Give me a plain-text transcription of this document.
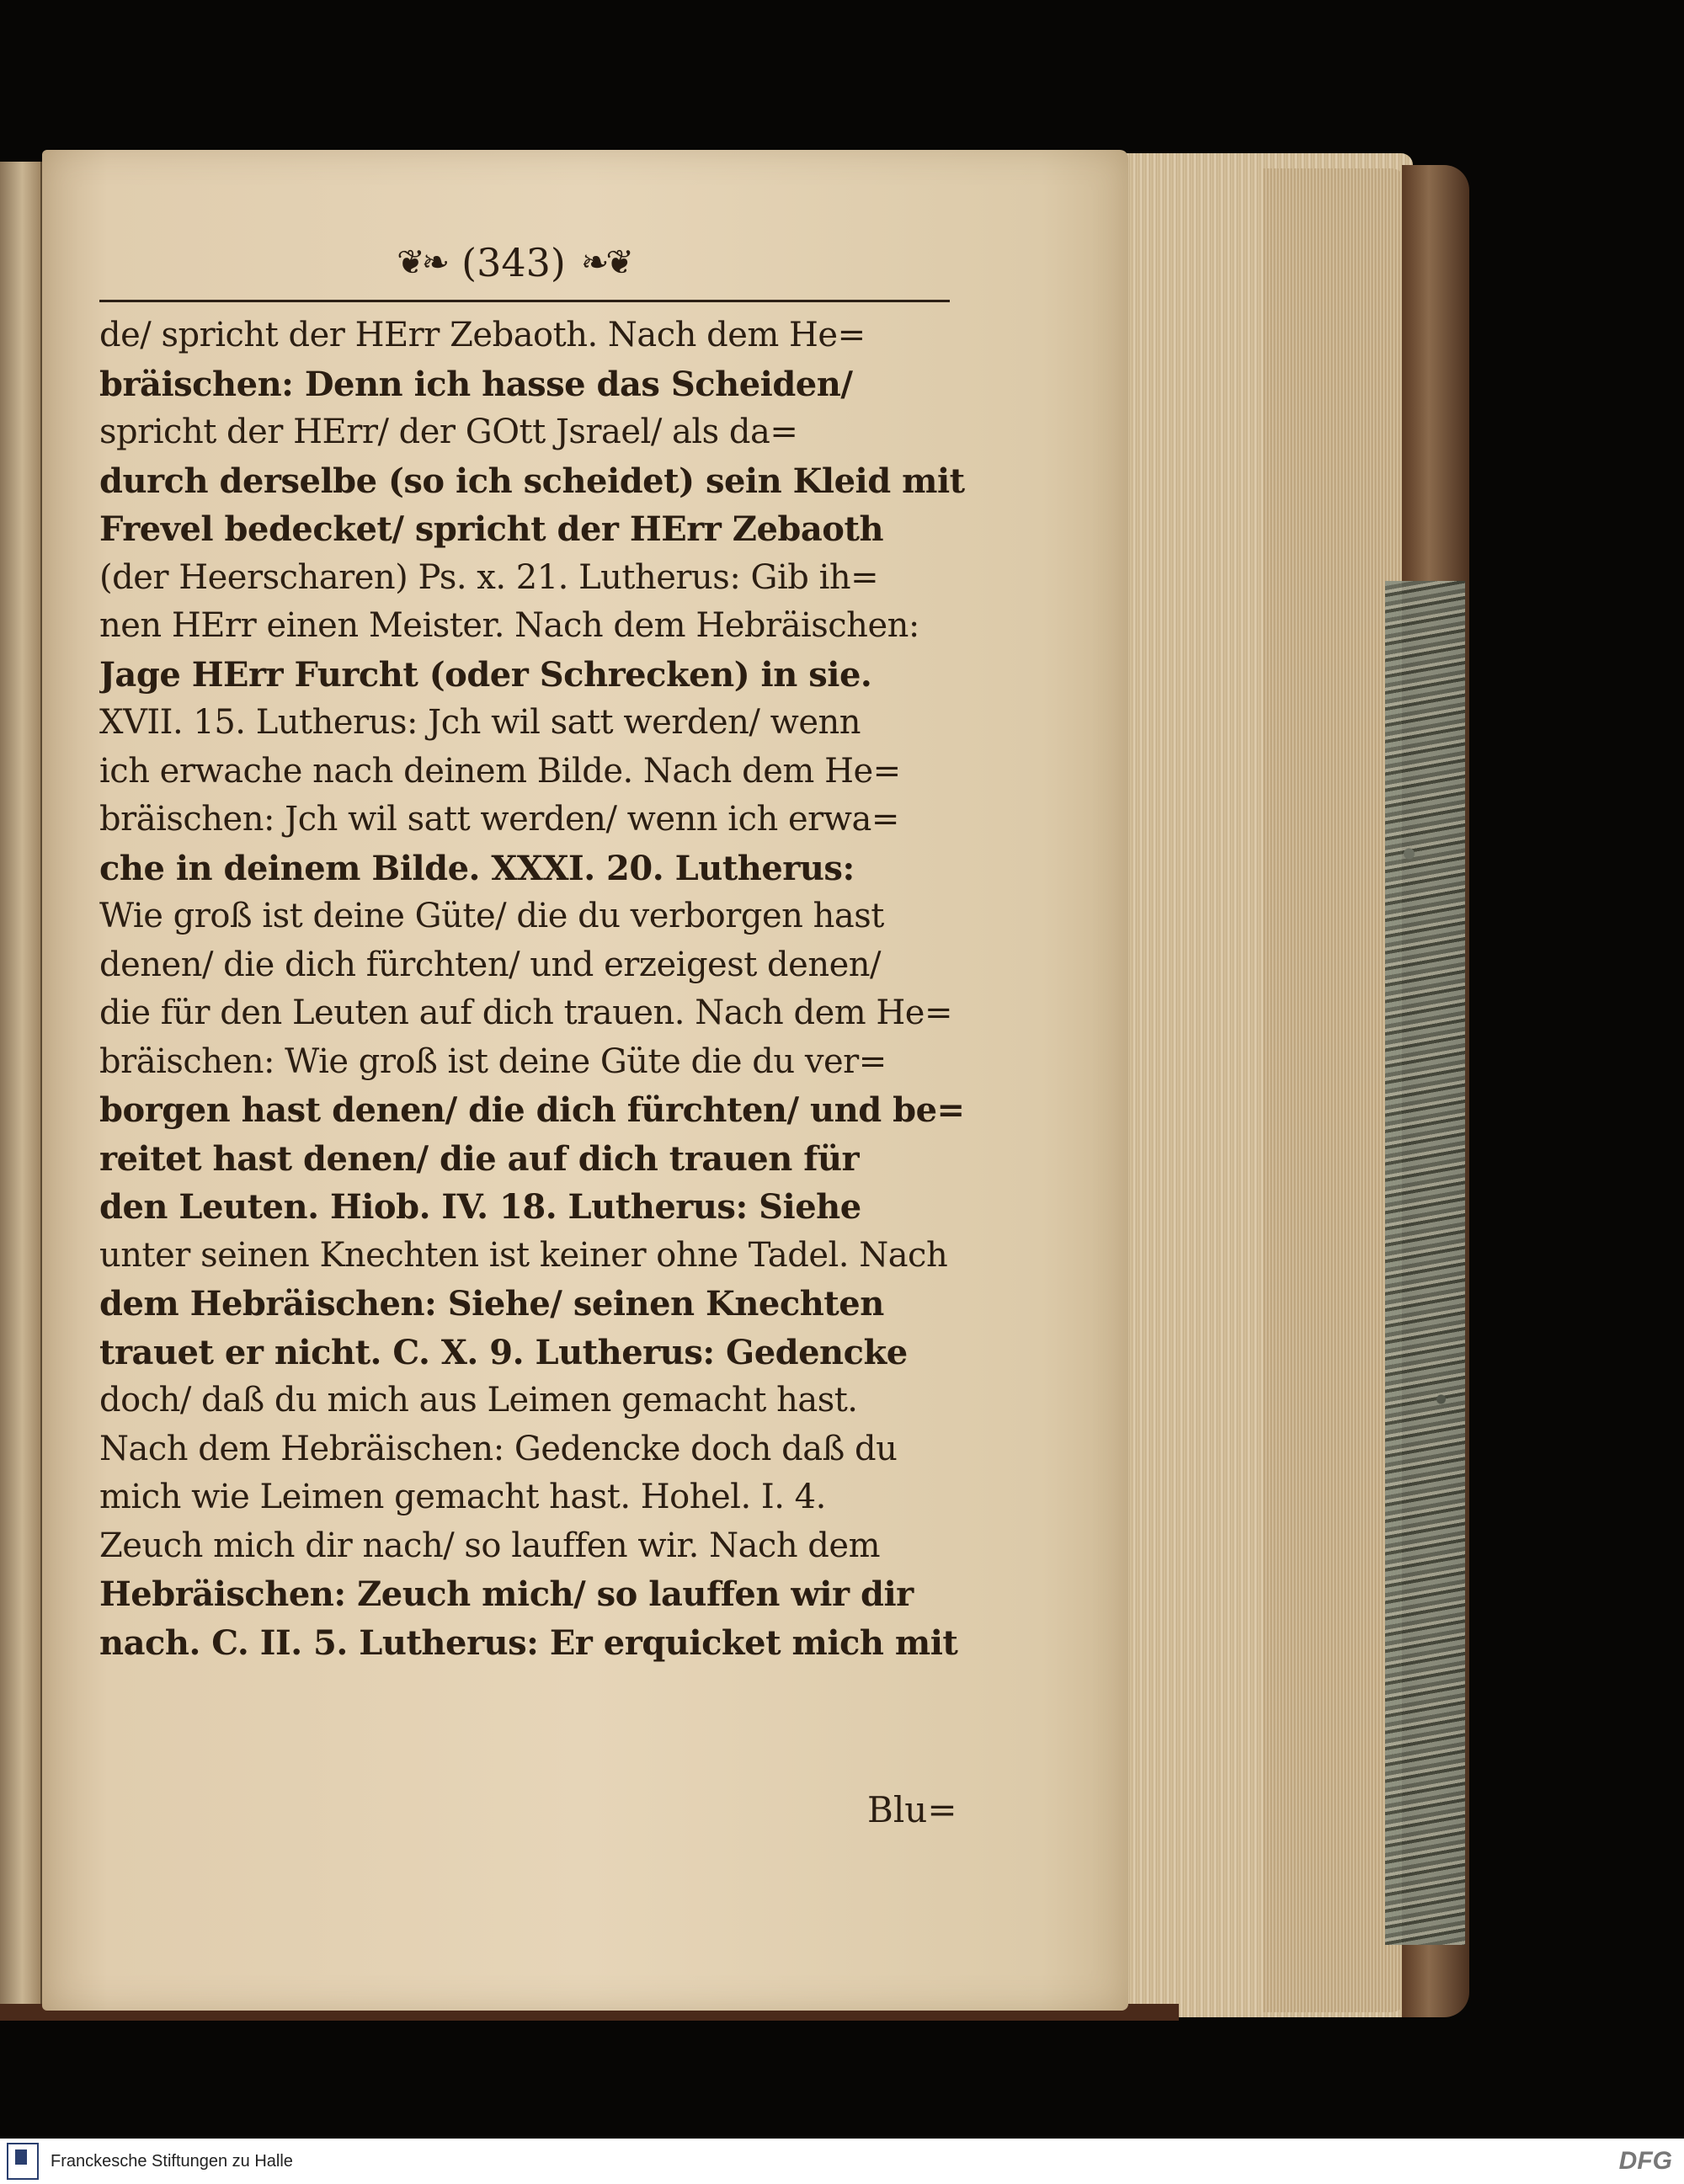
❦❧ (343) ❧❦
de/ spricht der HErr Zebaoth. Nach dem He=
bräischen: Denn ich hasse das Scheiden/
spricht der HErr/ der GOtt Jsrael/ als da=
durch derselbe (so ich scheidet) sein Kleid mit
Frevel bedecket/ spricht der HErr Zebaoth
(der Heerscharen) Ps. x. 21. Lutherus: Gib ih=
nen HErr einen Meister. Nach dem Hebräischen:
Jage HErr Furcht (oder Schrecken) in sie.
XVII. 15. Lutherus: Jch wil satt werden/ wenn
ich erwache nach deinem Bilde. Nach dem He=
bräischen: Jch wil satt werden/ wenn ich erwa=
che in deinem Bilde. XXXI. 20. Lutherus:
Wie groß ist deine Güte/ die du verborgen hast
denen/ die dich fürchten/ und erzeigest denen/
die für den Leuten auf dich trauen. Nach dem He=
bräischen: Wie groß ist deine Güte die du ver=
borgen hast denen/ die dich fürchten/ und be=
reitet hast denen/ die auf dich trauen für
den Leuten. Hiob. IV. 18. Lutherus: Siehe
unter seinen Knechten ist keiner ohne Tadel. Nach
dem Hebräischen: Siehe/ seinen Knechten
trauet er nicht. C. X. 9. Lutherus: Gedencke
doch/ daß du mich aus Leimen gemacht hast.
Nach dem Hebräischen: Gedencke doch daß du
mich wie Leimen gemacht hast. Hohel. I. 4.
Zeuch mich dir nach/ so lauffen wir. Nach dem
Hebräischen: Zeuch mich/ so lauffen wir dir
nach. C. II. 5. Lutherus: Er erquicket mich mit
Blu=
Franckesche Stiftungen zu Halle	DFG
